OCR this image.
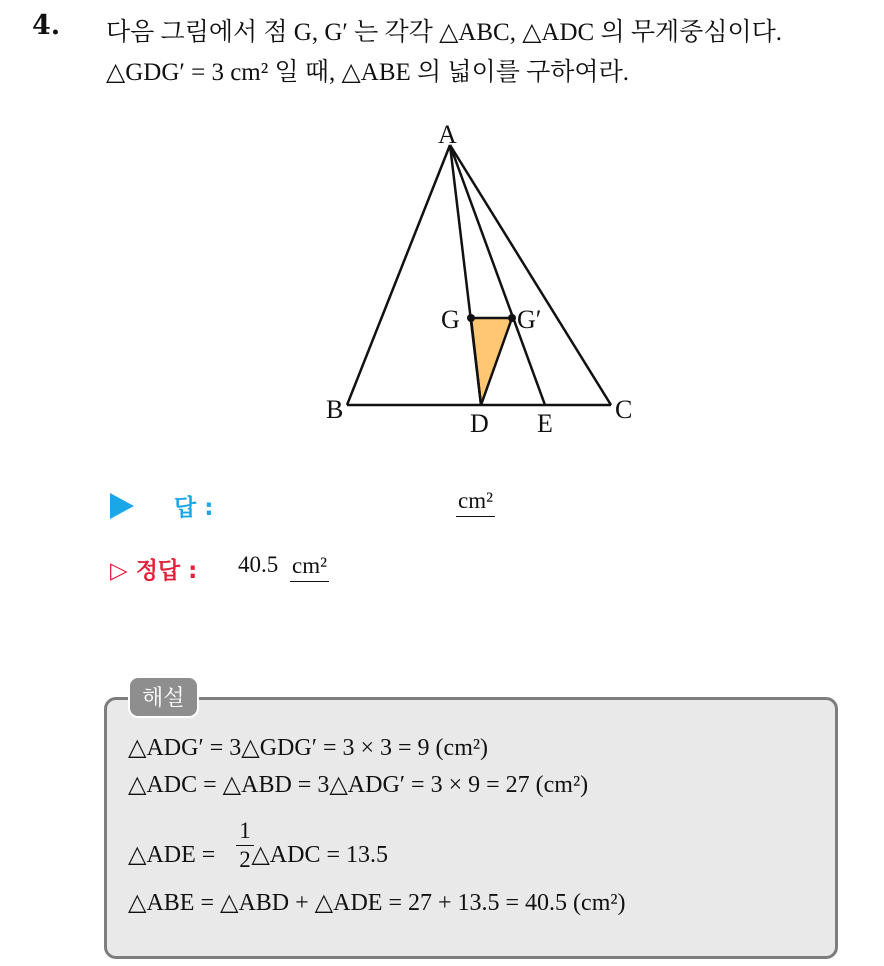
4. 다음 그림에서 점 G, G′ 는 각각 △ABC, △ADC 의 무게중심이다.
△GDG′ = 3 cm² 일 때, △ABE 의 넓이를 구하여라.
A
B	C
D E
G G′
답 :	cm²
▷ 정답 : 40.5 cm²
해설
△ADG′ = 3△GDG′ = 3 × 3 = 9 (cm²)
△ADC = △ABD = 3△ADG′ = 3 × 9 = 27 (cm²)
△ADE = △ADC = 13.5
1
2
△ABE = △ABD + △ADE = 27 + 13.5 = 40.5 (cm²)
